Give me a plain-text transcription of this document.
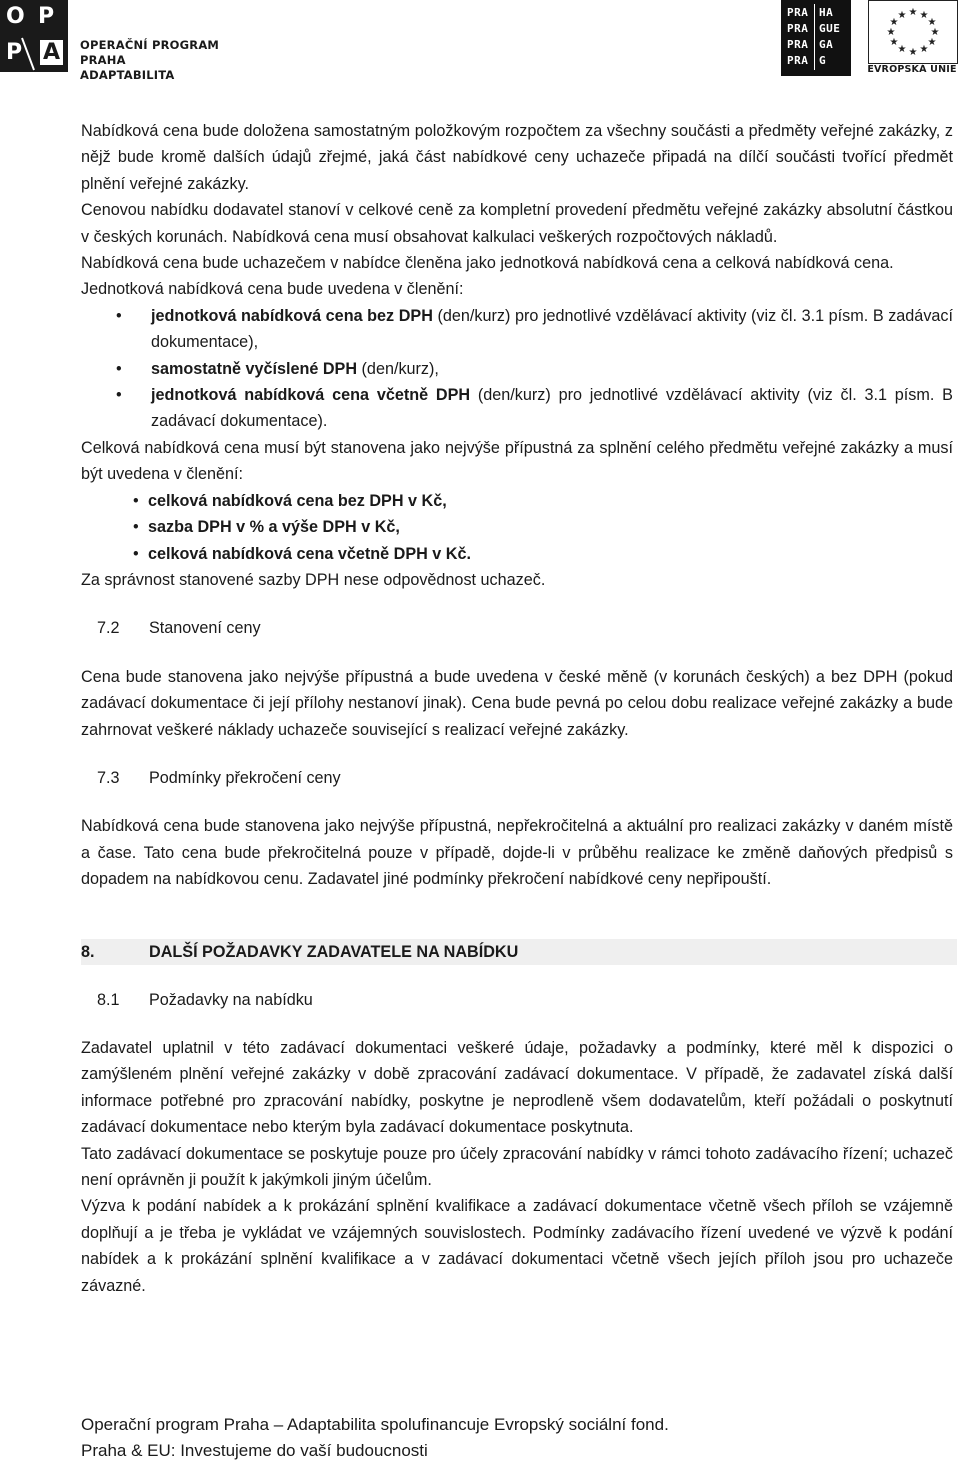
O P
P A OPERAČNÍ PROGRAM PRAHA
ADAPTABILITA
PRA
PRA
PRA
PRA
HA
GUE
GA
G
★ ★
★
★
★
★
★
★
★
★
★
★
EVROPSKÁ UNIE

Nabídková cena bude doložena samostatným položkovým rozpočtem za všechny součásti a předměty veřejné zakázky, z nějž bude kromě dalších údajů zřejmé, jaká část nabídkové ceny uchazeče připadá na dílčí součásti tvořící předmět plnění veřejné zakázky.

Cenovou nabídku dodavatel stanoví v celkové ceně za kompletní provedení předmětu veřejné zakázky absolutní částkou v českých korunách. Nabídková cena musí obsahovat kalkulaci veškerých rozpočtových nákladů.

Nabídková cena bude uchazečem v nabídce členěna jako jednotková nabídková cena a celková nabídková cena.

Jednotková nabídková cena bude uvedena v členění:

• jednotková nabídková cena bez DPH (den/kurz) pro jednotlivé vzdělávací aktivity (viz čl. 3.1 písm. B zadávací dokumentace),
• samostatně vyčíslené DPH (den/kurz),
• jednotková nabídková cena včetně DPH (den/kurz) pro jednotlivé vzdělávací aktivity (viz čl. 3.1 písm. B zadávací dokumentace).

Celková nabídková cena musí být stanovena jako nejvýše přípustná za splnění celého předmětu veřejné zakázky a musí být uvedena v členění:

• celková nabídková cena bez DPH v Kč,
• sazba DPH v % a výše DPH v Kč,
• celková nabídková cena včetně DPH v Kč.

Za správnost stanovené sazby DPH nese odpovědnost uchazeč.

7.2	Stanovení ceny

Cena bude stanovena jako nejvýše přípustná a bude uvedena v české měně (v korunách českých) a bez DPH (pokud zadávací dokumentace či její přílohy nestanoví jinak). Cena bude pevná po celou dobu realizace veřejné zakázky a bude zahrnovat veškeré náklady uchazeče související s realizací veřejné zakázky.

7.3	Podmínky překročení ceny

Nabídková cena bude stanovena jako nejvýše přípustná, nepřekročitelná a aktuální pro realizaci zakázky v daném místě a čase. Tato cena bude překročitelná pouze v případě, dojde-li v průběhu realizace ke změně daňových předpisů s dopadem na nabídkovou cenu. Zadavatel jiné podmínky překročení nabídkové ceny nepřipouští.

8.	DALŠÍ POŽADAVKY ZADAVATELE NA NABÍDKU
8.1	Požadavky na nabídku

Zadavatel uplatnil v této zadávací dokumentaci veškeré údaje, požadavky a podmínky, které měl k dispozici o zamýšleném plnění veřejné zakázky v době zpracování zadávací dokumentace. V případě, že zadavatel získá další informace potřebné pro zpracování nabídky, poskytne je neprodleně všem dodavatelům, kteří požádali o poskytnutí zadávací dokumentace nebo kterým byla zadávací dokumentace poskytnuta.

Tato zadávací dokumentace se poskytuje pouze pro účely zpracování nabídky v rámci tohoto zadávacího řízení; uchazeč není oprávněn ji použít k jakýmkoli jiným účelům.

Výzva k podání nabídek a k prokázání splnění kvalifikace a zadávací dokumentace včetně všech příloh se vzájemně doplňují a je třeba je vykládat ve vzájemných souvislostech. Podmínky zadávacího řízení uvedené ve výzvě k podání nabídek a k prokázání splnění kvalifikace a v zadávací dokumentaci včetně všech jejích příloh jsou pro uchazeče závazné.

Operační program Praha – Adaptabilita spolufinancuje Evropský sociální fond.
Praha & EU: Investujeme do vaší budoucnosti
